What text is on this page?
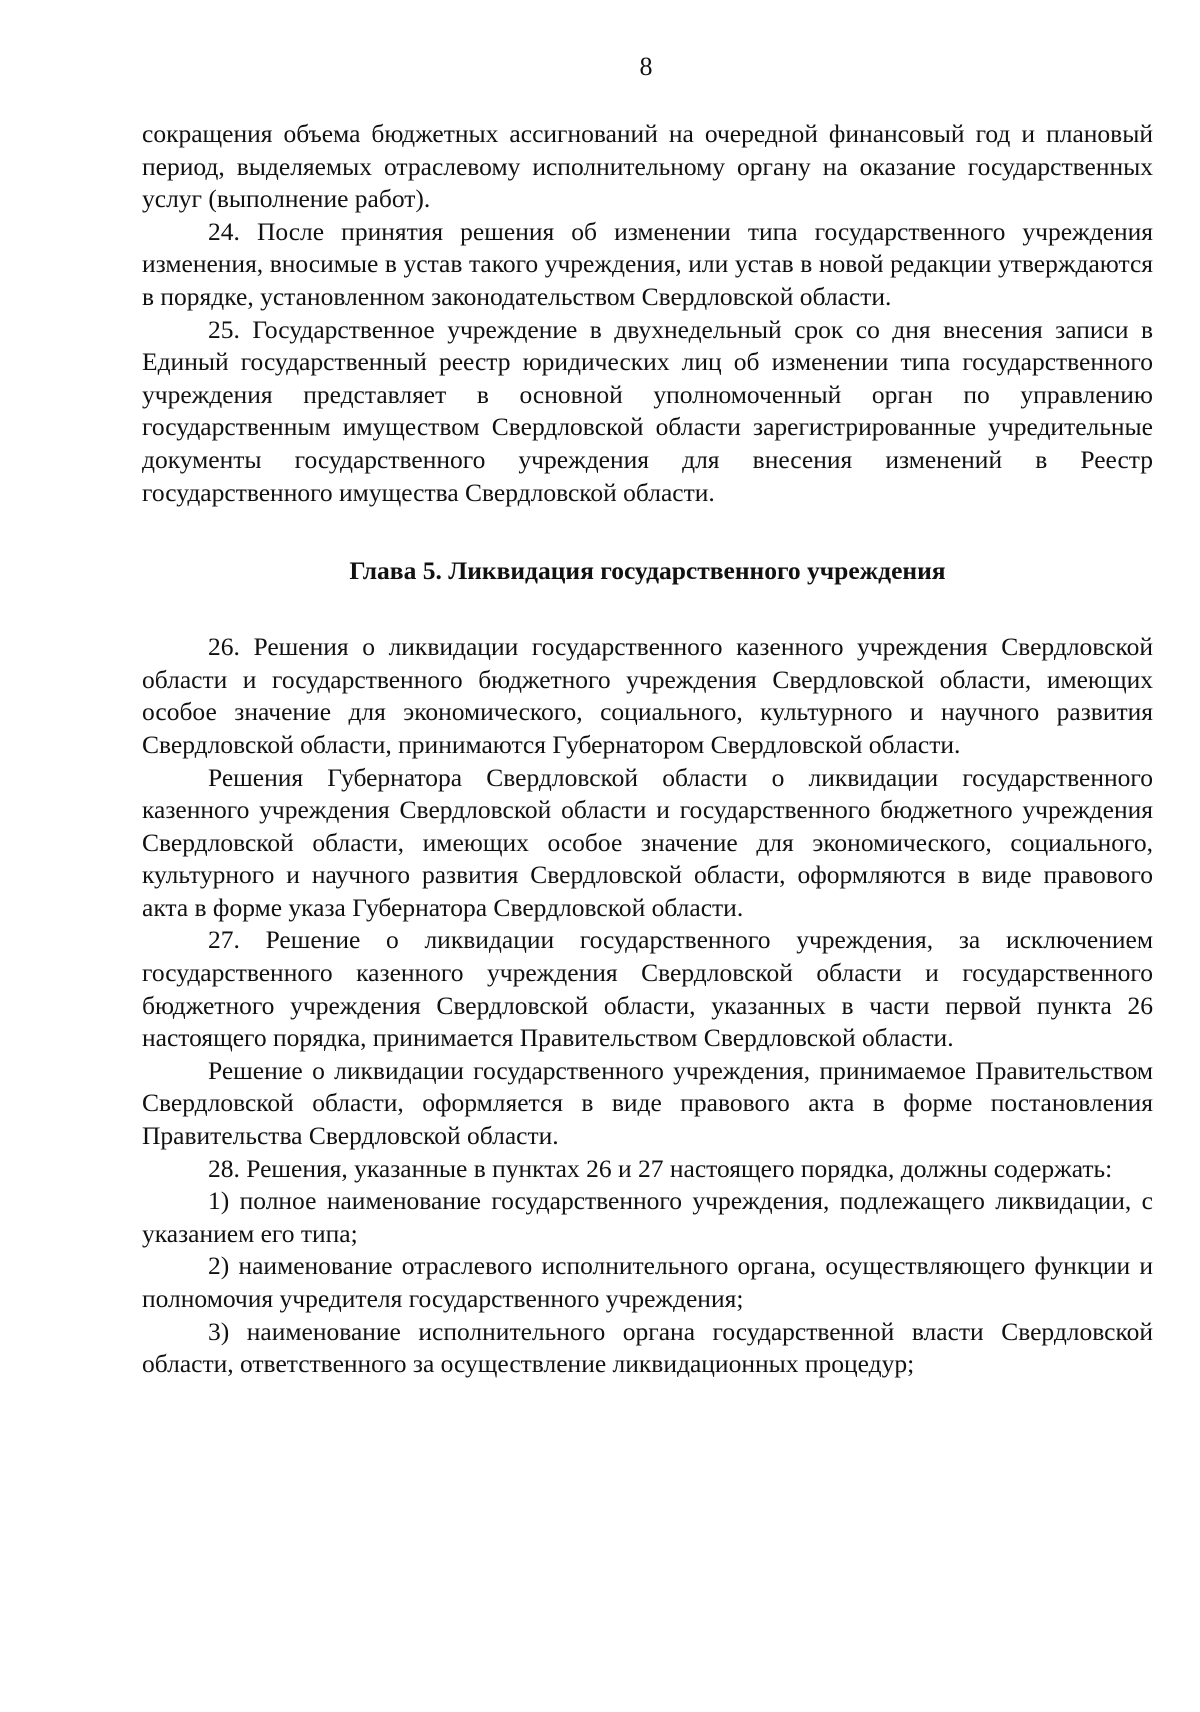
8

сокращения объема бюджетных ассигнований на очередной финансовый год и плановый период, выделяемых отраслевому исполнительному органу на оказание государственных услуг (выполнение работ).

24. После принятия решения об изменении типа государственного учреждения изменения, вносимые в устав такого учреждения, или устав в новой редакции утверждаются в порядке, установленном законодательством Свердловской области.

25. Государственное учреждение в двухнедельный срок со дня внесения записи в Единый государственный реестр юридических лиц об изменении типа государственного учреждения представляет в основной уполномоченный орган по управлению государственным имуществом Свердловской области зарегистрированные учредительные документы государственного учреждения для внесения изменений в Реестр государственного имущества Свердловской области.

Глава 5. Ликвидация государственного учреждения

26. Решения о ликвидации государственного казенного учреждения Свердловской области и государственного бюджетного учреждения Свердловской области, имеющих особое значение для экономического, социального, культурного и научного развития Свердловской области, принимаются Губернатором Свердловской области.

Решения Губернатора Свердловской области о ликвидации государственного казенного учреждения Свердловской области и государственного бюджетного учреждения Свердловской области, имеющих особое значение для экономического, социального, культурного и научного развития Свердловской области, оформляются в виде правового акта в форме указа Губернатора Свердловской области.

27. Решение о ликвидации государственного учреждения, за исключением государственного казенного учреждения Свердловской области и государственного бюджетного учреждения Свердловской области, указанных в части первой пункта 26 настоящего порядка, принимается Правительством Свердловской области.

Решение о ликвидации государственного учреждения, принимаемое Правительством Свердловской области, оформляется в виде правового акта в форме постановления Правительства Свердловской области.

28. Решения, указанные в пунктах 26 и 27 настоящего порядка, должны содержать:

1) полное наименование государственного учреждения, подлежащего ликвидации, с указанием его типа;

2) наименование отраслевого исполнительного органа, осуществляющего функции и полномочия учредителя государственного учреждения;

3) наименование исполнительного органа государственной власти Свердловской области, ответственного за осуществление ликвидационных процедур;
